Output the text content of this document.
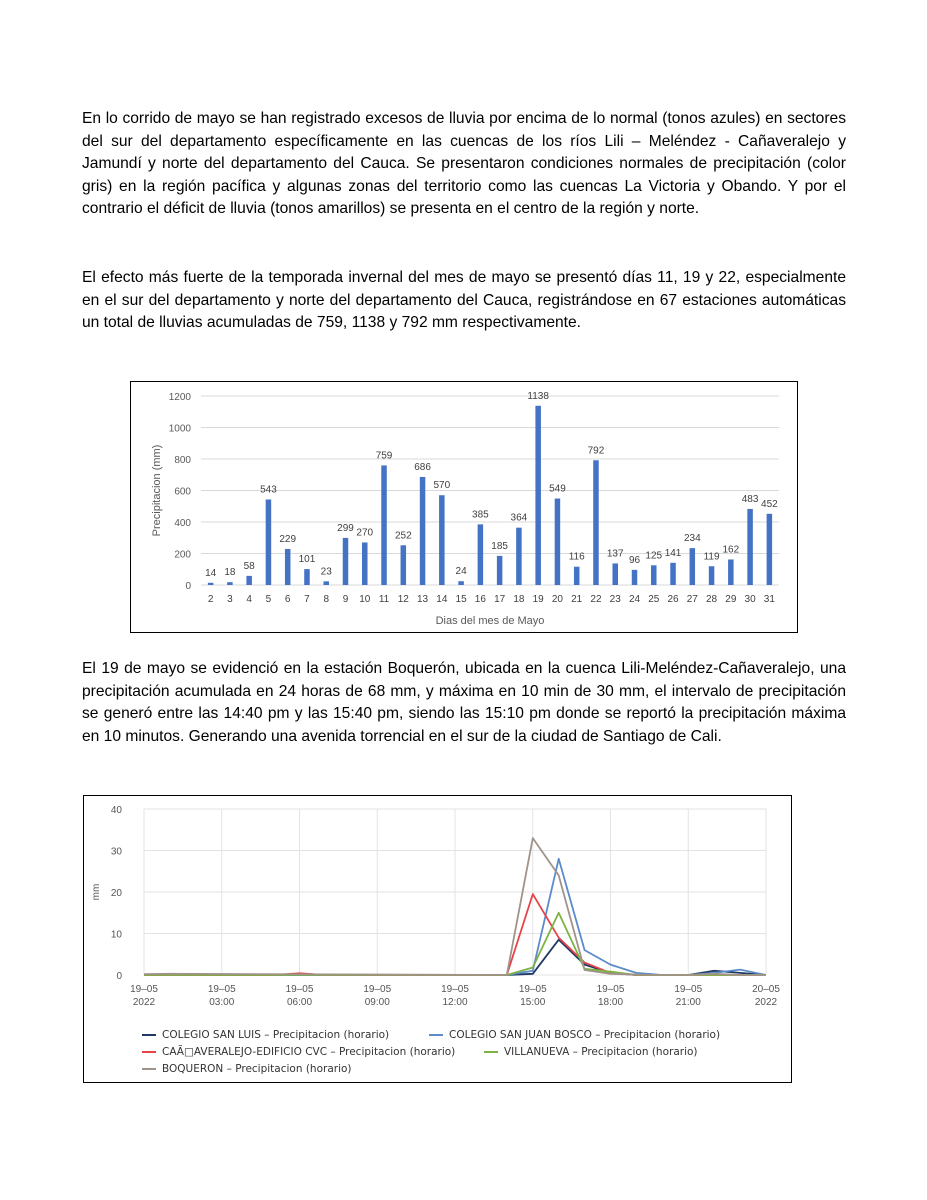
En lo corrido de mayo se han registrado excesos de lluvia por encima de lo normal (tonos azules) en sectores del sur del departamento específicamente en las cuencas de los ríos Lili – Meléndez - Cañaveralejo y Jamundí y norte del departamento del Cauca. Se presentaron condiciones normales de precipitación (color gris) en la región pacífica y algunas zonas del territorio como las cuencas La Victoria y Obando. Y por el contrario el déficit de lluvia (tonos amarillos) se presenta en el centro de la región y norte.

El efecto más fuerte de la temporada invernal del mes de mayo se presentó días 11, 19 y 22, especialmente en el sur del departamento y norte del departamento del Cauca, registrándose en 67 estaciones automáticas un total de lluvias acumuladas de 759, 1138 y 792 mm respectivamente.

El 19 de mayo se evidenció en la estación Boquerón, ubicada en la cuenca Lili-Meléndez-Cañaveralejo, una precipitación acumulada en 24 horas de 68 mm, y máxima en 10 min de 30 mm, el intervalo de precipitación se generó entre las 14:40 pm y las 15:40 pm, siendo las 15:10 pm donde se reportó la precipitación máxima en 10 minutos. Generando una avenida torrencial en el sur de la ciudad de Santiago de Cali.

0
200
400
600
800
1000
1200
14
2
18
3
58
4
543
5
229
6
101
7
23
8
299
9
270
10
759
11
252
12
686
13
570
14
24
15
385
16
185
17
364
18
1138
19
549
20
116
21
792
22
137
23
96
24
125
25
141
26
234
27
119
28
162
29
483
30
452
31
Dias del mes de Mayo
Precipitacion (mm)
0
10
20
30
40
19–05
2022
19–05
03:00
19–05
06:00
19–05
09:00
19–05
12:00
19–05
15:00
19–05
18:00
19–05
21:00
20–05
2022
mm
COLEGIO SAN LUIS – Precipitacion (horario)	COLEGIO SAN JUAN BOSCO – Precipitacion (horario)
CAÃ□AVERALEJO-EDIFICIO CVC – Precipitacion (horario)	VILLANUEVA – Precipitacion (horario)
BOQUERON – Precipitacion (horario)
